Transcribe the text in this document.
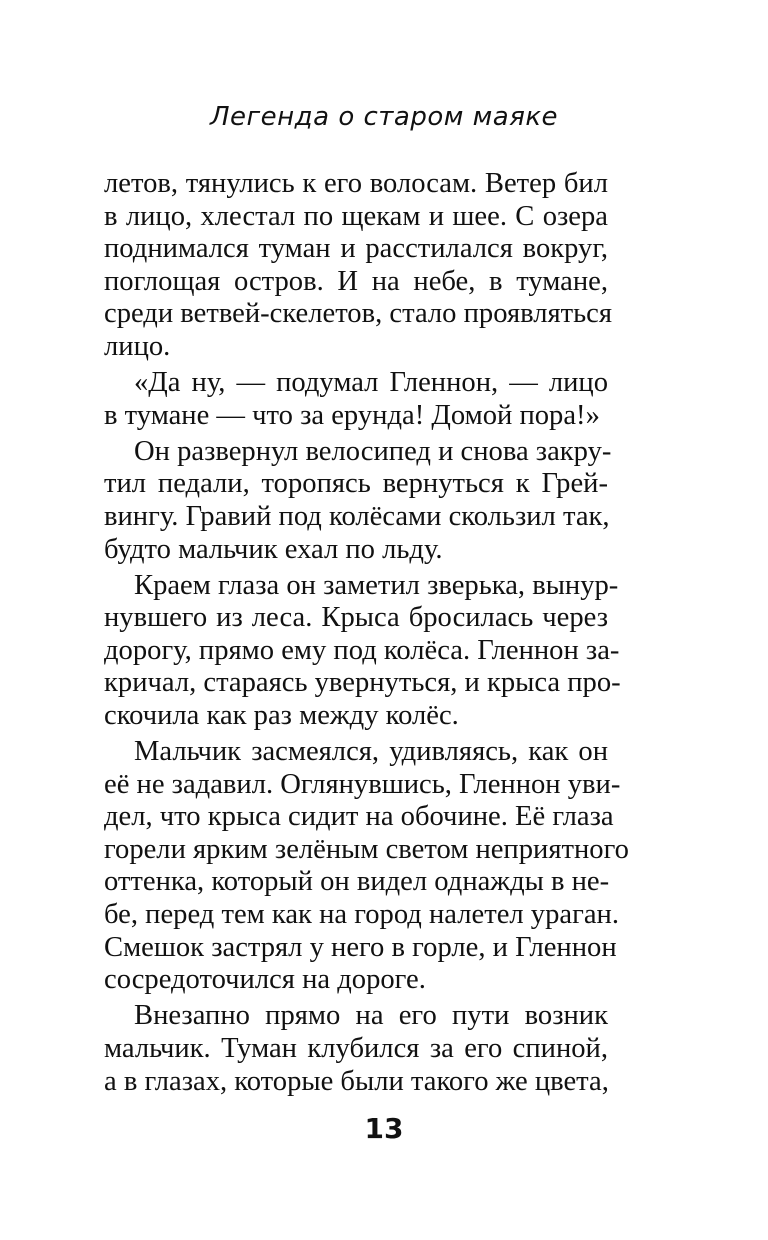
Легенда о старом маяке
летов, тянулись к его волосам. Ветер бил
в лицо, хлестал по щекам и шее. С озера
поднимался туман и расстилался вокруг,
поглощая остров. И на небе, в тумане,
среди ветвей-скелетов, стало проявляться
лицо.
«Да ну, — подумал Гленнон, — лицо
в тумане — что за ерунда! Домой пора!»
Он развернул велосипед и снова закру-
тил педали, торопясь вернуться к Грей-
вингу. Гравий под колёсами скользил так,
будто мальчик ехал по льду.
Краем глаза он заметил зверька, вынyр-
нувшего из леса. Крыса бросилась через
дорогу, прямо ему под колёса. Гленнон за-
кричал, стараясь увернуться, и крыса про-
скочила как раз между колёс.
Мальчик засмеялся, удивляясь, как он
её не задавил. Оглянувшись, Гленнон уви-
дел, что крыса сидит на обочине. Её глаза
горели ярким зелёным светом неприятного
оттенка, который он видел однажды в не-
бе, перед тем как на город налетел ураган.
Смешок застрял у него в горле, и Гленнон
сосредоточился на дороге.
Внезапно прямо на его пути возник
мальчик. Туман клубился за его спиной,
а в глазах, которые были такого же цвета,
13
